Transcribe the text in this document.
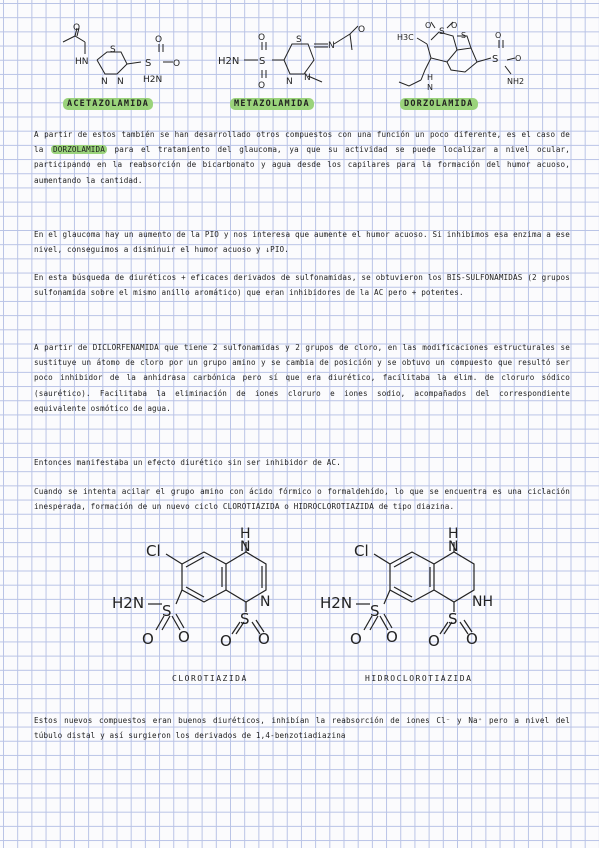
O
HN
S
N N
S
O
O
H2N
ACETAZOLAMIDA
H2N S
O
O
S
N N
N
O
METAZOLAMIDA
H3C
S
O O
S
S
O
O
NH2
H
N
DORZOLAMIDA

A partir de estos también se han desarrollado otros compuestos con una función un poco diferente, es el caso de la DORZOLAMIDA para el tratamiento del glaucoma, ya que su actividad se puede localizar a nivel ocular, participando en la reabsorción de bicarbonato y agua desde los capilares para la formación del humor acuoso, aumentando la cantidad.

En el glaucoma hay un aumento de la PIO y nos interesa que aumente el humor acuoso. Si inhibimos esa enzima a ese nivel, conseguimos a disminuir el humor acuoso y ↓PIO.

En esta búsqueda de diuréticos + eficaces derivados de sulfonamidas, se obtuvieron los BIS-SULFONAMIDAS (2 grupos sulfonamida sobre el mismo anillo aromático) que eran inhibidores de la AC pero + potentes.

A partir de DICLORFENAMIDA que tiene 2 sulfonamidas y 2 grupos de cloro, en las modificaciones estructurales se sustituye un átomo de cloro por un grupo amino y se cambia de posición y se obtuvo un compuesto que resultó ser poco inhibidor de la anhidrasa carbónica pero sí que era diurético, facilitaba la elim. de cloruro sódico (saurético). Facilitaba la eliminación de iones cloruro e iones sodio, acompañados del correspondiente equivalente osmótico de agua.

Entonces manifestaba un efecto diurético sin ser inhibidor de AC.

Cuando se intenta acilar el grupo amino con ácido fórmico o formaldehído, lo que se encuentra es una ciclación inesperada, formación de un nuevo ciclo CLOROTIAZIDA o HIDROCLOROTIAZIDA de tipo diazina.

Cl
H
N
N
H2N S
O O
S
O O
CLOROTIAZIDA
Cl
H
N
NH
H2N S
O O
S
O O
HIDROCLOROTIAZIDA

Estos nuevos compuestos eran buenos diuréticos, inhibían la reabsorción de iones Cl⁻ y Na⁺ pero a nivel del túbulo distal y así surgieron los derivados de 1,4-benzotiadiazina
